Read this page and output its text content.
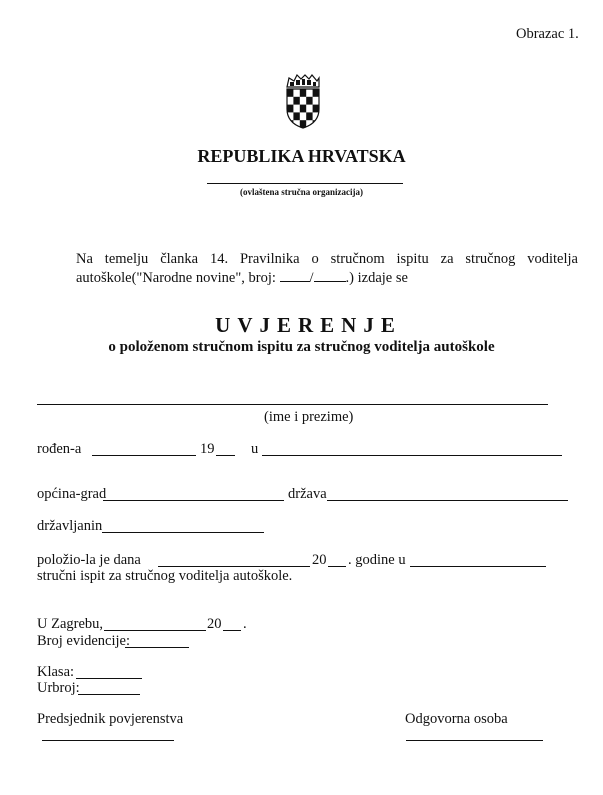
Obrazac 1.
REPUBLIKA HRVATSKA
(ovlaštena stručna organizacija)
Na temelju članka 14. Pravilnika o stručnom ispitu za stručnog voditelja
autoškole("Narodne novine", broj: / .) izdaje se
UVJERENJE
o položenom stručnom ispitu za stručnog voditelja autoškole
(ime i prezime)
rođen-a	19	u
općina-grad	država
državljanin
položio-la je dana	20 . godine u
stručni ispit za stručnog voditelja autoškole.
U Zagrebu,	20 .
Broj evidencije:
Klasa:
Urbroj:
Predsjednik povjerenstva	Odgovorna osoba
